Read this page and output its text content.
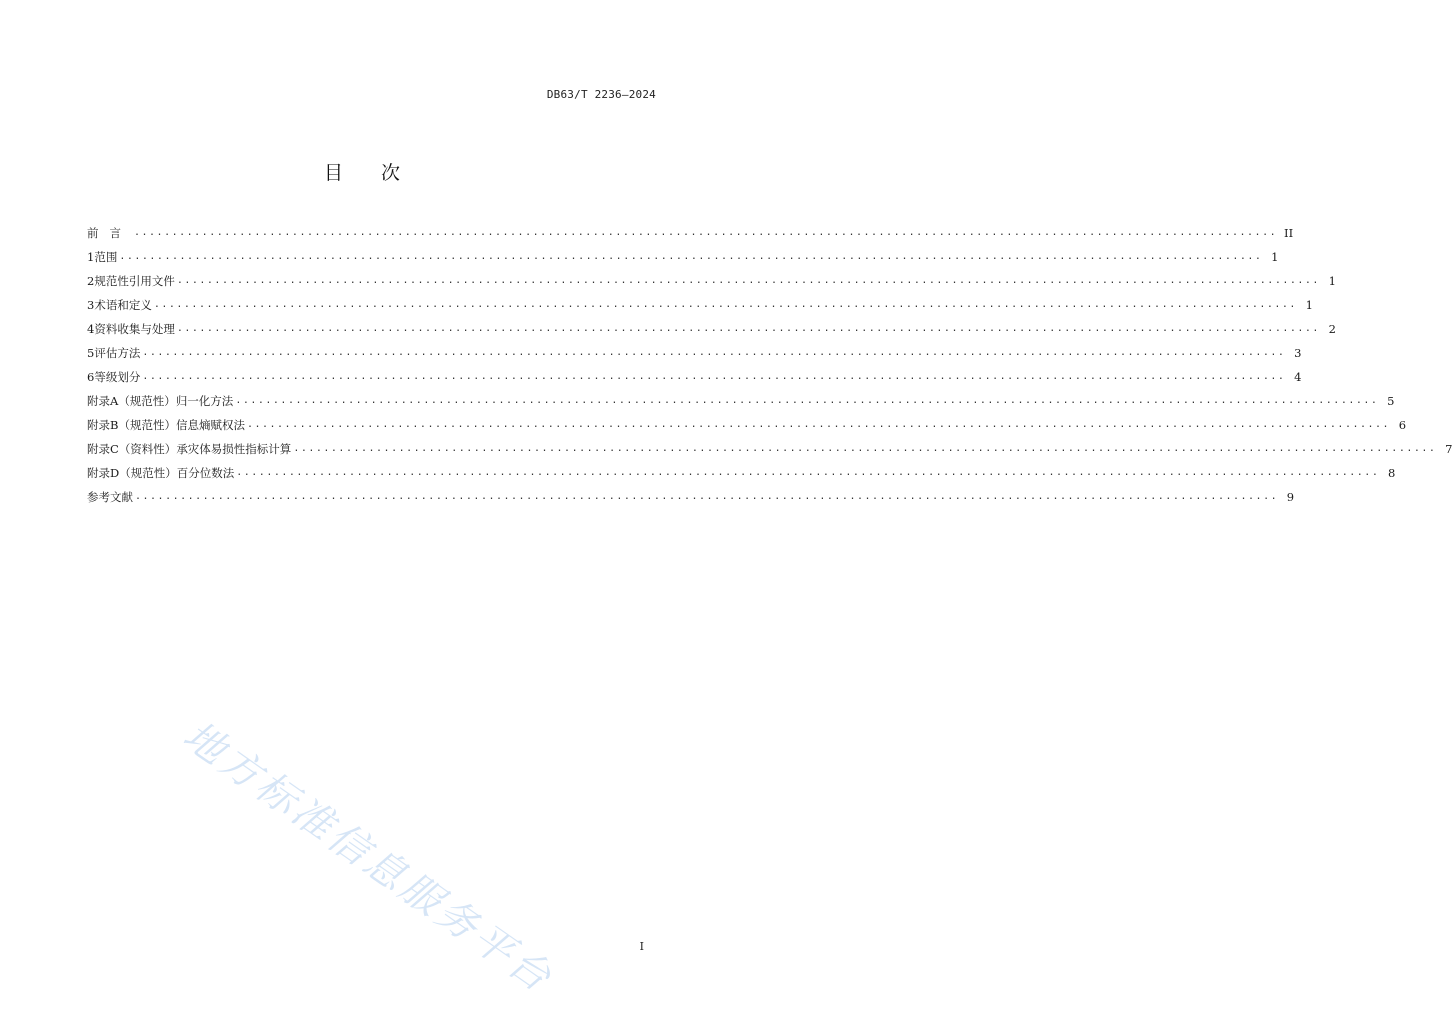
DB63/T 2236—2024
目 次
前言 ........................................................................................................................................................ II
1 范围 ........................................................................................................................................................ 1
2 规范性引用文件 ........................................................................................................................................................ 1
3 术语和定义 ........................................................................................................................................................ 1
4 资料收集与处理 ........................................................................................................................................................ 2
5 评估方法 ........................................................................................................................................................ 3
6 等级划分 ........................................................................................................................................................ 4
附录A （规范性） 归一化方法 ........................................................................................................................................................ 5
附录B （规范性） 信息熵赋权法 ........................................................................................................................................................ 6
附录C （资料性） 承灾体易损性指标计算 ........................................................................................................................................................ 7
附录D （规范性） 百分位数法 ........................................................................................................................................................ 8
参考文献 ........................................................................................................................................................ 9
地方标准信息服务平台	I
